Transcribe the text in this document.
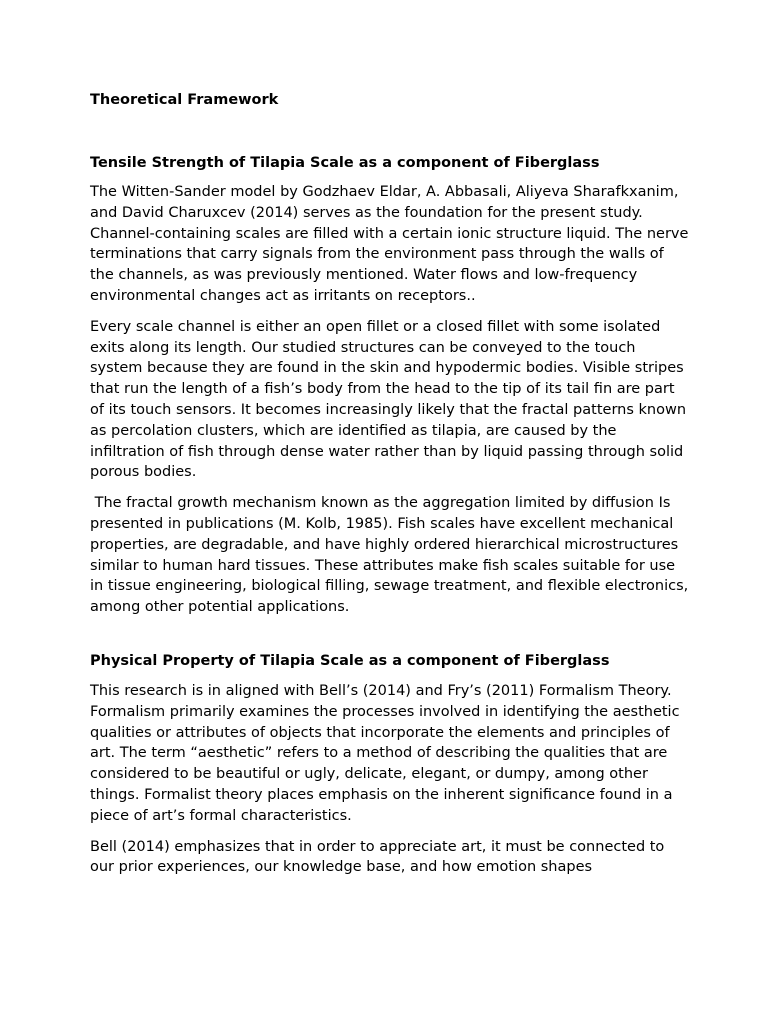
Theoretical Framework

Tensile Strength of Tilapia Scale as a component of Fiberglass

The Witten-Sander model by Godzhaev Eldar, A. Abbasali, Aliyeva Sharafkxanim, and David Charuxcev (2014) serves as the foundation for the present study. Channel-containing scales are filled with a certain ionic structure liquid. The nerve terminations that carry signals from the environment pass through the walls of the channels, as was previously mentioned. Water flows and low-frequency environmental changes act as irritants on receptors..

Every scale channel is either an open fillet or a closed fillet with some isolated exits along its length. Our studied structures can be conveyed to the touch system because they are found in the skin and hypodermic bodies. Visible stripes that run the length of a fish’s body from the head to the tip of its tail fin are part of its touch sensors. It becomes increasingly likely that the fractal patterns known as percolation clusters, which are identified as tilapia, are caused by the infiltration of fish through dense water rather than by liquid passing through solid porous bodies.

The fractal growth mechanism known as the aggregation limited by diffusion Is presented in publications (M. Kolb, 1985). Fish scales have excellent mechanical properties, are degradable, and have highly ordered hierarchical microstructures similar to human hard tissues. These attributes make fish scales suitable for use in tissue engineering, biological filling, sewage treatment, and flexible electronics, among other potential applications.

Physical Property of Tilapia Scale as a component of Fiberglass

This research is in aligned with Bell’s (2014) and Fry’s (2011) Formalism Theory. Formalism primarily examines the processes involved in identifying the aesthetic qualities or attributes of objects that incorporate the elements and principles of art. The term “aesthetic” refers to a method of describing the qualities that are considered to be beautiful or ugly, delicate, elegant, or dumpy, among other things. Formalist theory places emphasis on the inherent significance found in a piece of art’s formal characteristics.

Bell (2014) emphasizes that in order to appreciate art, it must be connected to our prior experiences, our knowledge base, and how emotion shapes
